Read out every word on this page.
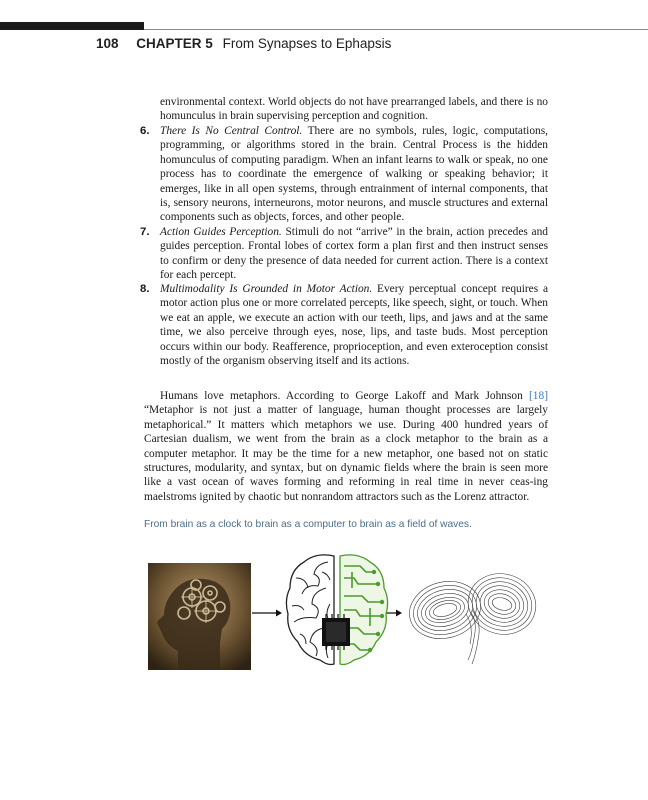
108 CHAPTER 5 From Synapses to Ephapsis
environmental context. World objects do not have prearranged labels, and there is no homunculus in brain supervising perception and cognition.
6. There Is No Central Control. There are no symbols, rules, logic, computations, programming, or algorithms stored in the brain. Central Process is the hidden homunculus of computing paradigm. When an infant learns to walk or speak, no one process has to coordinate the emergence of walking or speaking behavior; it emerges, like in all open systems, through entrainment of internal components, that is, sensory neurons, interneurons, motor neurons, and muscle structures and external components such as objects, forces, and other people.
7. Action Guides Perception. Stimuli do not “arrive” in the brain, action precedes and guides perception. Frontal lobes of cortex form a plan first and then instruct senses to confirm or deny the presence of data needed for current action. There is a context for each percept.
8. Multimodality Is Grounded in Motor Action. Every perceptual concept requires a motor action plus one or more correlated percepts, like speech, sight, or touch. When we eat an apple, we execute an action with our teeth, lips, and jaws and at the same time, we also perceive through eyes, nose, lips, and taste buds. Most perception occurs within our body. Reafference, proprioception, and even exteroception consist mostly of the organism observing itself and its actions.
Humans love metaphors. According to George Lakoff and Mark Johnson [18] “Metaphor is not just a matter of language, human thought processes are largely metaphorical.” It matters which metaphors we use. During 400 hundred years of Cartesian dualism, we went from the brain as a clock metaphor to the brain as a computer metaphor. It may be the time for a new metaphor, one based not on static structures, modularity, and syntax, but on dynamic fields where the brain is seen more like a vast ocean of waves forming and reforming in real time in never ceas-ing maelstroms ignited by chaotic but nonrandom attractors such as the Lorenz attractor.
From brain as a clock to brain as a computer to brain as a field of waves.
